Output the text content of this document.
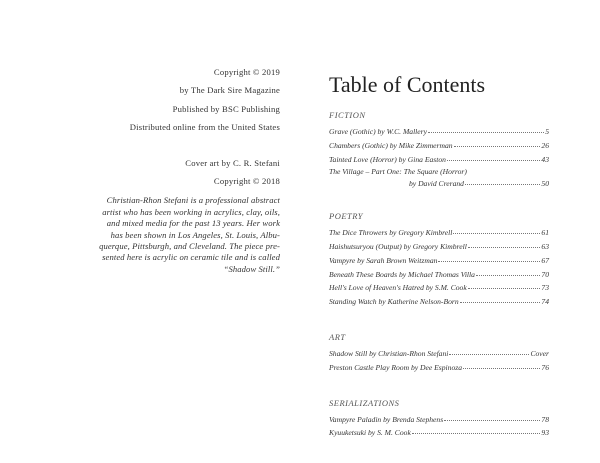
Copyright © 2019
by The Dark Sire Magazine
Published by BSC Publishing
Distributed online from the United States
Cover art by C. R. Stefani
Copyright © 2018
Christian-Rhon Stefani is a professional abstract
artist who has been working in acrylics, clay, oils,
and mixed media for the past 13 years. Her work
has been shown in Los Angeles, St. Louis, Albu-
querque, Pittsburgh, and Cleveland. The piece pre-
sented here is acrylic on ceramic tile and is called
“Shadow Still.”
Table of Contents
FICTION
Grave (Gothic) by W.C. Mallery	5
Chambers (Gothic) by Mike Zimmerman	26
Tainted Love (Horror) by Gina Easton	43
The Village – Part One: The Square (Horror)
by David Crerand	50
POETRY
The Dice Throwers by Gregory Kimbrell	61
Haishutsuryou (Output) by Gregory Kimbrell	63
Vampyre by Sarah Brown Weitzman	67
Beneath These Boards by Michael Thomas Villa	70
Hell's Love of Heaven's Hatred by S.M. Cook	73
Standing Watch by Katherine Nelson-Born	74
ART
Shadow Still by Christian-Rhon Stefani	Cover
Preston Castle Play Room by Dee Espinoza	76
SERIALIZATIONS
Vampyre Paladin by Brenda Stephens	78
Kyuuketsuki by S. M. Cook	93
